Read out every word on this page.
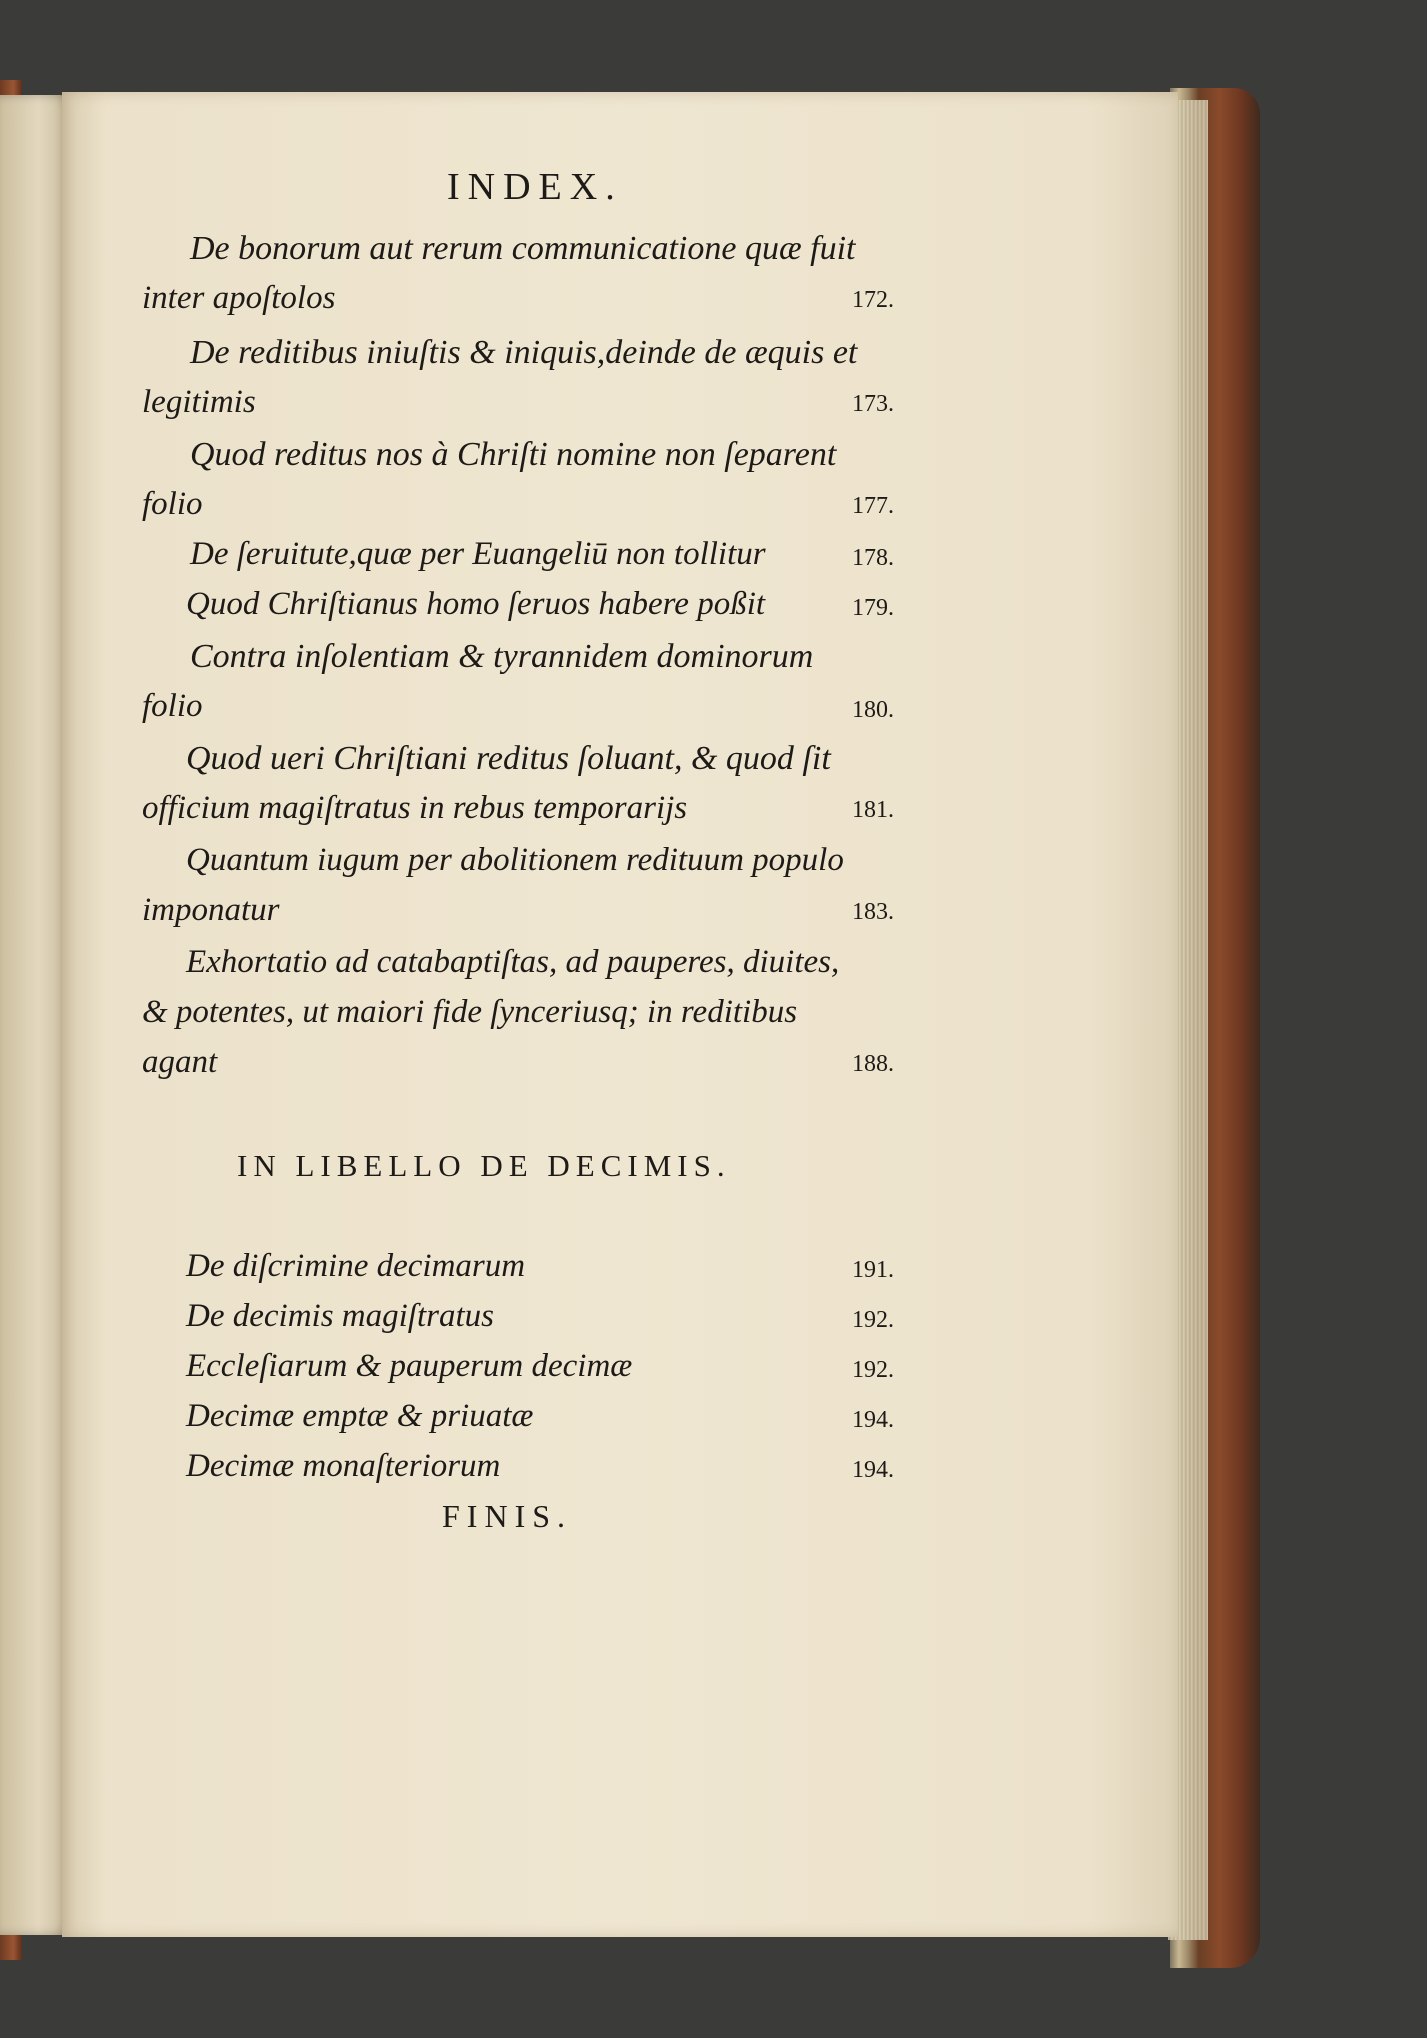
INDEX.
De bonorum aut rerum communicatione quæ fuit
inter apoſtolos	172.
De reditibus iniuſtis & iniquis,deinde de æquis et
legitimis	173.
Quod reditus nos à Chriſti nomine non ſeparent
folio	177.
De ſeruitute,quæ per Euangeliū non tollitur	178.
Quod Chriſtianus homo ſeruos habere poßit	179.
Contra inſolentiam & tyrannidem dominorum
folio	180.
Quod ueri Chriſtiani reditus ſoluant, & quod ſit
officium magiſtratus in rebus temporarijs	181.
Quantum iugum per abolitionem redituum populo
imponatur	183.
Exhortatio ad catabaptiſtas, ad pauperes, diuites,
& potentes, ut maiori fide ſynceriusq; in reditibus
agant	188.
IN LIBELLO DE DECIMIS.
De diſcrimine decimarum	191.
De decimis magiſtratus	192.
Eccleſiarum & pauperum decimæ	192.
Decimæ emptæ & priuatæ	194.
Decimæ monaſteriorum	194.
FINIS.
